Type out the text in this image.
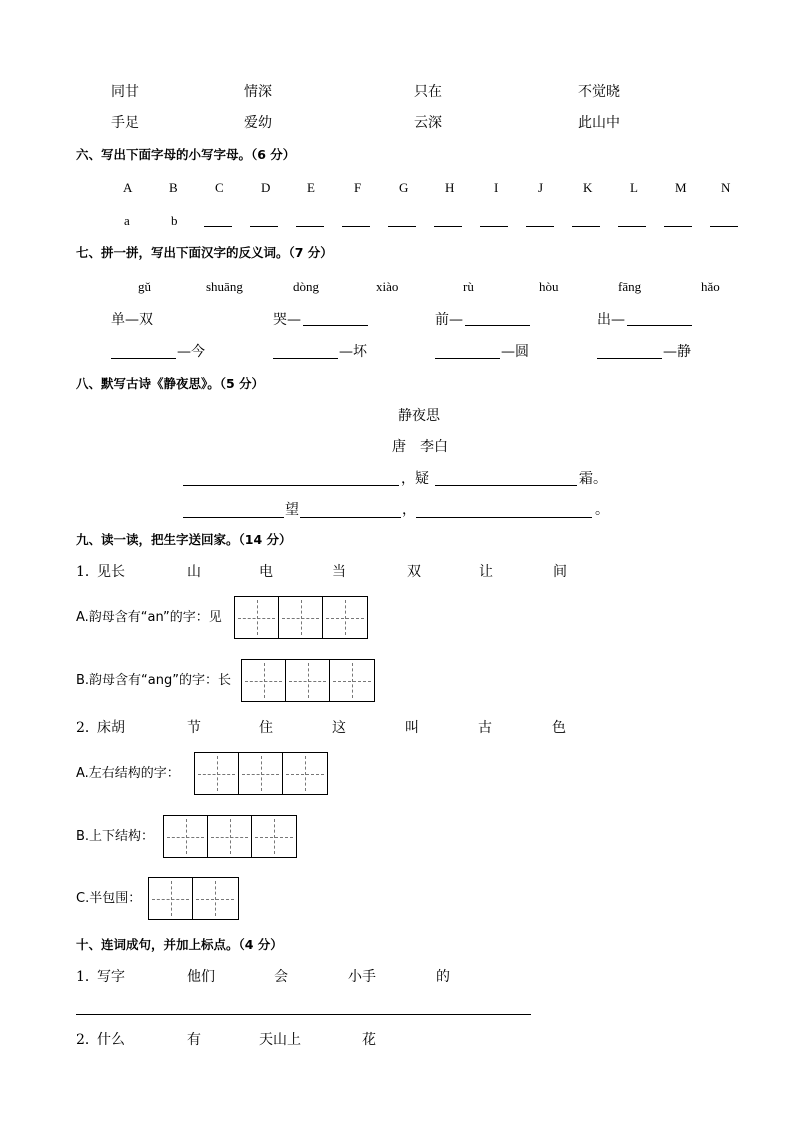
同甘	情深	只在	不觉晓
手足	爱幼	云深	此山中
六、写出下面字母的小写字母。（6 分）
A	B	C	D	E	F	G	H	I	J	K	L	M	N
a	b
七、拼一拼，写出下面汉字的反义词。（7 分）
gǔ	shuāng	dòng	xiào	rù	hòu	fāng	hǎo
单—双	哭—	前—	出—
—今	—坏	—圆	—静
八、默写古诗《静夜思》。（5 分）
静夜思
唐　李白
，疑	霜。
望	，	。
九、读一读，把生字送回家。（14 分）
1．
见长	山	电	当	双	让	间
A.韵母含有“an”的字：见
B.韵母含有“ang”的字：长
2．
床胡	节	住	这	叫	古	色
A.左右结构的字：
B.上下结构：
C.半包围：
十、连词成句，并加上标点。（4 分）
1．
写字	他们	会	小手	的
2．
什么	有	天山上	花
